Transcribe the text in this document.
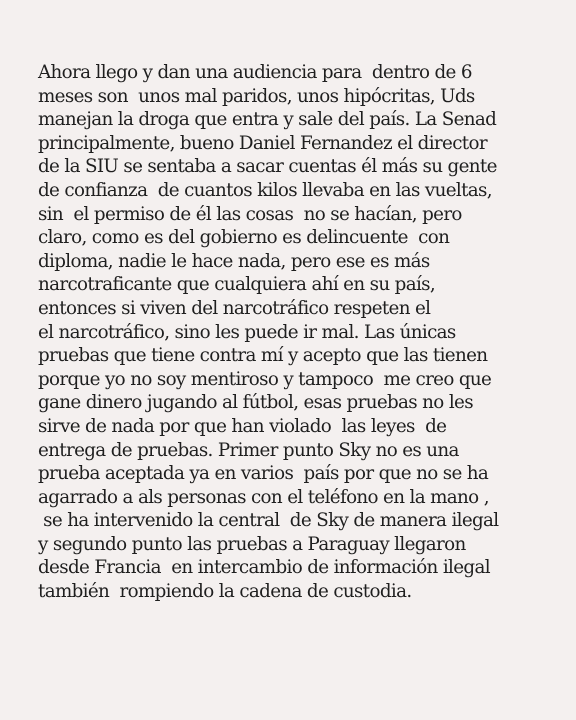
Ahora llego y dan una audiencia para  dentro de 6
meses son  unos mal paridos, unos hipócritas, Uds
manejan la droga que entra y sale del país. La Senad
principalmente, bueno Daniel Fernandez el director
de la SIU se sentaba a sacar cuentas él más su gente
de confianza  de cuantos kilos llevaba en las vueltas,
sin  el permiso de él las cosas  no se hacían, pero
claro, como es del gobierno es delincuente  con
diploma, nadie le hace nada, pero ese es más
narcotraficante que cualquiera ahí en su país,
entonces si viven del narcotráfico respeten el
el narcotráfico, sino les puede ir mal. Las únicas
pruebas que tiene contra mí y acepto que las tienen
porque yo no soy mentiroso y tampoco  me creo que
gane dinero jugando al fútbol, esas pruebas no les
sirve de nada por que han violado  las leyes  de
entrega de pruebas. Primer punto Sky no es una
prueba aceptada ya en varios  país por que no se ha
agarrado a als personas con el teléfono en la mano ,
se ha intervenido la central  de Sky de manera ilegal
y segundo punto las pruebas a Paraguay llegaron
desde Francia  en intercambio de información ilegal
también  rompiendo la cadena de custodia.
